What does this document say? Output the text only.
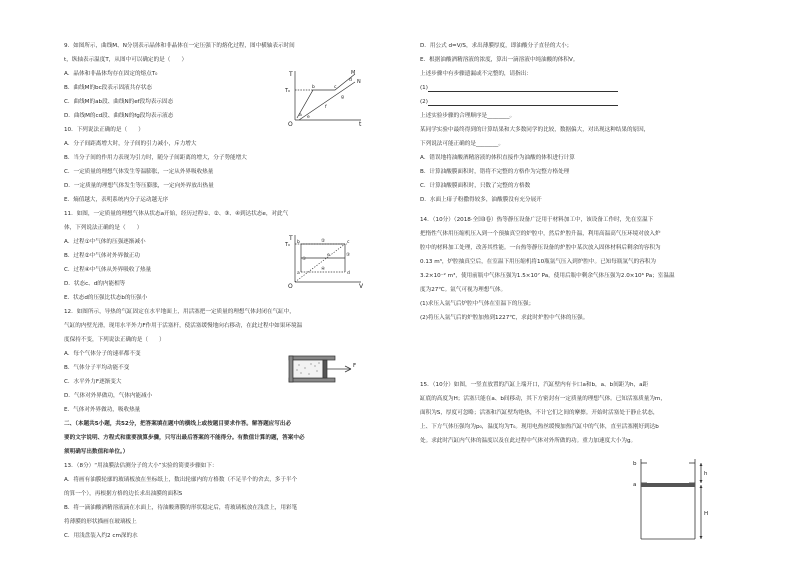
9．如图所示，曲线M、N分别表示晶体和非晶体在一定压强下的熔化过程，图中横轴表示时间
t，纵轴表示温度T，从图中可以确定的是（　　）
A．晶体和非晶体均存在固定的熔点T₀
B．曲线M的bc段表示固液共存状态
C．曲线M的ab段、曲线N的ef段均表示固态
D．曲线M的cd段、曲线N的fg段均表示液态
T
t
O
T₀
M
N
a
b	c
d
e
f
g
10．下列说法正确的是（　　）
A．分子间距离增大时，分子间的引力减小，斥力增大
B．当分子间的作用力表现为引力时，随分子间距离的增大，分子势能增大
C．一定质量的理想气体发生等温膨胀，一定从外界吸收热量
D．一定质量的理想气体发生等压膨胀，一定向外界放出热量
E．熵值越大，表明系统内分子运动越无序
11．如图，一定质量的理想气体从状态a开始，经历过程①、②、③、④到达状态e，对此气
体，下列说法正确的是（　　）
A．过程①中气体的压强逐渐减小
B．过程②中气体对外界做正功
C．过程④中气体从外界吸收了热量
D．状态c、d的内能相等
E．状态d的压强比状态b的压强小
T
V
O
T₀
①
②
③
④
a
b	c
d
e
12．如图所示，导热的气缸固定在水平地面上，用活塞把一定质量的理想气体封闭在气缸中，
气缸的内壁光滑，现用水平外力F作用于活塞杆，使活塞缓慢地向右移动，在此过程中如果环境温
度保持不变，下列说法正确的是（　　）
A．每个气体分子的速率都不变
B．气体分子平均动能不变
C．水平外力F逐渐变大
D．气体对外界做功，气体内能减小
E．气体对外界做功，吸收热量
F
二、（本题共5小题，共52分，把答案填在题中的横线上或按题目要求作答。解答题应写出必
要的文字说明、方程式和重要演算步骤，只写出最后答案的不能得分。有数值计算的题，答案中必
须明确写出数值和单位。）
13．（8分）“用油膜法估测分子的大小”实验的简要步骤如下：
A．将画有油膜轮廓的玻璃板放在坐标纸上，数出轮廓内的方格数（不足半个的舍去，多于半个
的算一个），再根据方格的边长求出油膜的面积S
B．将一滴油酸酒精溶液滴在水面上，待油酸薄膜的形状稳定后，将玻璃板放在浅盘上，用彩笔
将薄膜的形状描画在玻璃板上
C．用浅盘装入约2 cm深的水
D．用公式 d=V/S，求出薄膜厚度，即油酸分子直径的大小；
E．根据油酸酒精溶液的浓度，算出一滴溶液中纯油酸的体积V。
上述步骤中有步骤遗漏或不完整的，请指出：
(1)
(2)
上述实验步骤的合理顺序是________。
某同学实验中最终得到的计算结果和大多数同学的比较，数据偏大，对出现这种结果的原因，
下列说法可能正确的是________。
A．错误地将油酸酒精溶液的体积直接作为油酸的体积进行计算
B．计算油酸膜面积时，错将不完整的方格作为完整方格处理
C．计算油酸膜面积时，只数了完整的方格数
D．水面上痱子粉撒得较多，油酸膜没有充分展开
14．（10分）（2018·全国Ⅰ卷）热等静压设备广泛用于材料加工中，该设备工作时，先在室温下
把惰性气体用压缩机压入到一个预抽真空的炉腔中，然后炉腔升温，利用高温高气压环境对放入炉
腔中的材料加工处理，改善其性能。一台热等静压设备的炉腔中某次放入固体材料后剩余的容积为
0.13 m³，炉腔抽真空后，在室温下用压缩机将10瓶氩气压入到炉腔中。已知每瓶氩气的容积为
3.2×10⁻² m³，使用前瓶中气体压强为1.5×10⁷ Pa，使用后瓶中剩余气体压强为2.0×10⁶ Pa；室温温
度为27℃。氩气可视为理想气体。
(1)求压入氩气后炉腔中气体在室温下的压强；
(2)将压入氩气后的炉腔加热到1227℃，求此时炉腔中气体的压强。
15．（10分）如图，一竖直放置的汽缸上端开口，汽缸壁内有卡口a和b，a、b间距为h，a距
缸底的高度为H；活塞只能在a、b间移动，其下方密封有一定质量的理想气体。已知活塞质量为m，
面积为S，厚度可忽略；活塞和汽缸壁均绝热，不计它们之间的摩擦。开始时活塞处于静止状态，
上、下方气体压强均为p₀，温度均为T₀。现用电热丝缓慢加热汽缸中的气体，直至活塞刚好到达b
处。求此时汽缸内气体的温度以及在此过程中气体对外所做的功。重力加速度大小为g。
b
a
h
H
